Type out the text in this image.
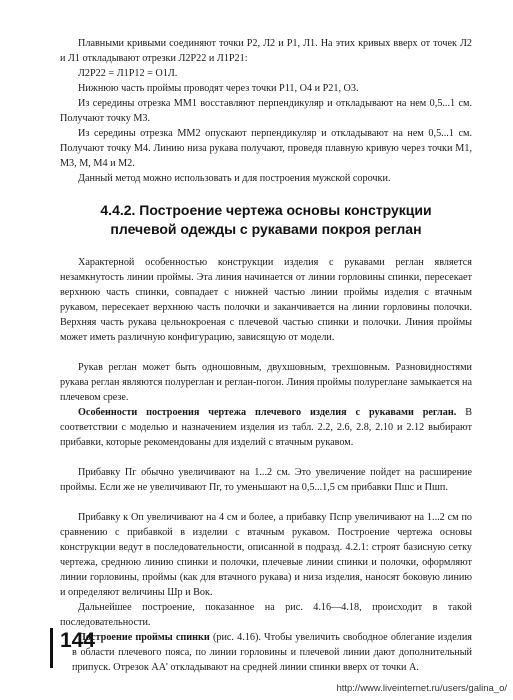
Плавными кривыми соединяют точки P2, Л2 и P1, Л1. На этих кривых вверх от точек Л2 и Л1 откладывают отрезки Л2P22 и Л1P21:

Л2P22 = Л1P12 = О1Л.

Нижнюю часть проймы проводят через точки P11, О4 и P21, О3.

Из середины отрезка ММ1 восставляют перпендикуляр и откладывают на нем 0,5...1 см. Получают точку М3.

Из середины отрезка ММ2 опускают перпендикуляр и откладывают на нем 0,5...1 см. Получают точку М4. Линию низа рукава получают, проведя плавную кривую через точки М1, М3, М, М4 и М2.

Данный метод можно использовать и для построения мужской сорочки.

4.4.2. Построение чертежа основы конструкции
плечевой одежды с рукавами покроя реглан

Характерной особенностью конструкции изделия с рукавами реглан является незамкнутость линии проймы. Эта линия начинается от линии горловины спинки, пересекает верхнюю часть спинки, совпадает с нижней частью линии проймы изделия с втачным рукавом, пересекает верхнюю часть полочки и заканчивается на линии горловины полочки. Верхняя часть рукава цельнокроеная с плечевой частью спинки и полочки. Линия проймы может иметь различную конфигурацию, зависящую от модели.

Рукав реглан может быть одношовным, двухшовным, трехшовным. Разновидностями рукава реглан являются полуреглан и реглан-погон. Линия проймы полуреглане замыкается на плечевом срезе.

Особенности построения чертежа плечевого изделия с рукавами реглан. В соответствии с моделью и назначением изделия из табл. 2.2, 2.6, 2.8, 2.10 и 2.12 выбирают прибавки, которые рекомендованы для изделий с втачным рукавом.

Прибавку Пг обычно увеличивают на 1...2 см. Это увеличение пойдет на расширение проймы. Если же не увеличивают Пг, то уменьшают на 0,5...1,5 см прибавки Пшс и Пшп.

Прибавку к Оп увеличивают на 4 см и более, а прибавку Пспр увеличивают на 1...2 см по сравнению с прибавкой в изделии с втачным рукавом. Построение чертежа основы конструкции ведут в последовательности, описанной в подразд. 4.2.1: строят базисную сетку чертежа, среднюю линию спинки и полочки, плечевые линии спинки и полочки, оформляют линии горловины, проймы (как для втачного рукава) и низа изделия, наносят боковую линию и определяют величины Шр и Вок.

Дальнейшее построение, показанное на рис. 4.16—4.18, происходит в такой последовательности.

Построение проймы спинки (рис. 4.16). Чтобы увеличить свободное облегание изделия в области плечевого пояса, по линии горловины и плечевой линии дают дополнительный припуск. Отрезок АА' откладывают на средней линии спинки вверх от точки А.

144
http://www.liveinternet.ru/users/galina_o/
